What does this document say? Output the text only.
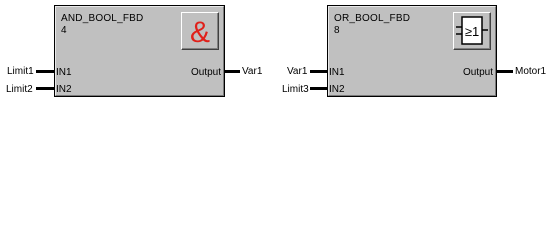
AND_BOOL_FBD
4	&
IN1
IN2
Output
Limit1
Limit2
Var1
OR_BOOL_FBD
8	≥1
IN1
IN2
Output
Var1
Limit3
Motor1
